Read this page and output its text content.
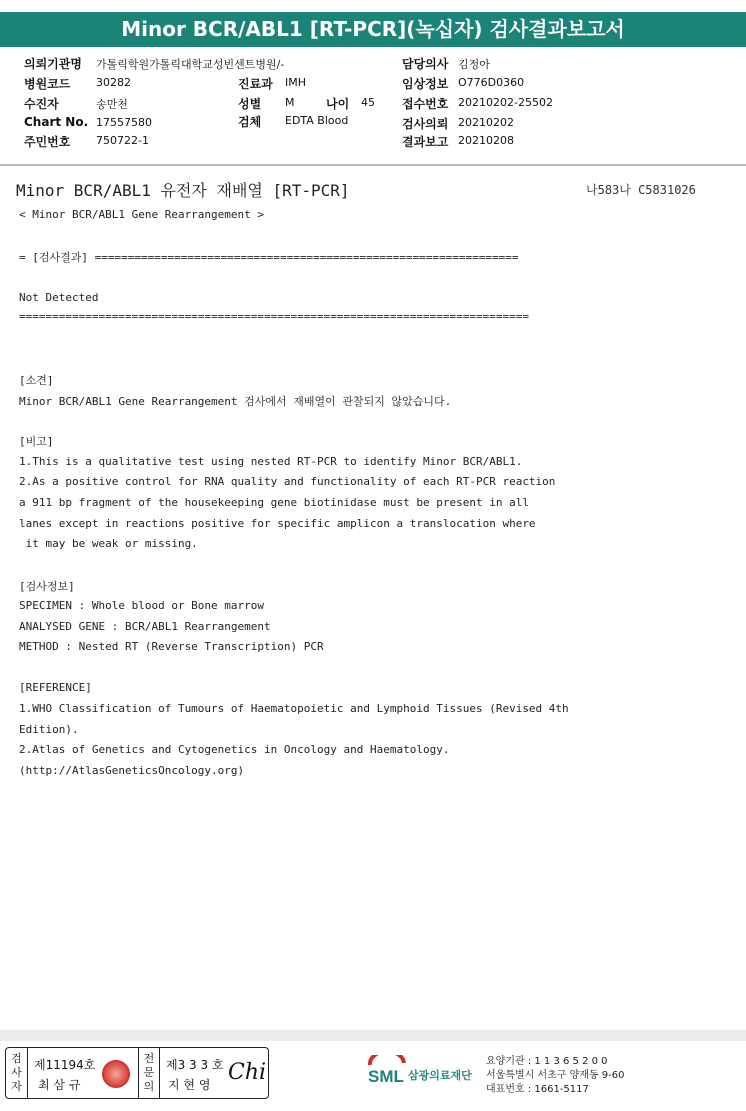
Minor BCR/ABL1 [RT-PCR](녹십자) 검사결과보고서
의뢰기관명 가톨릭학원가톨릭대학교성빈센트병원/-
병원코드 30282
수진자	송만천
Chart No. 17557580
주민번호 750722-1
진료과 IMH
성별 M	나이 45
검체 EDTA Blood
담당의사 김정아
임상정보 O776D0360
접수번호 20210202-25502
검사의뢰 20210202
결과보고 20210208
Minor BCR/ABL1 유전자 재배열 [RT-PCR]	나583나 C5831026
< Minor BCR/ABL1 Gene Rearrangement >
= [검사결과] ================================================================
Not Detected
=============================================================================
[소견]
Minor BCR/ABL1 Gene Rearrangement 검사에서 재배열이 관찰되지 않았습니다.
[비고]
1.This is a qualitative test using nested RT-PCR to identify Minor BCR/ABL1.
2.As a positive control for RNA quality and functionality of each RT-PCR reaction
a 911 bp fragment of the housekeeping gene biotinidase must be present in all
lanes except in reactions positive for specific amplicon a translocation where
it may be weak or missing.
[검사정보]
SPECIMEN : Whole blood or Bone marrow
ANALYSED GENE : BCR/ABL1 Rearrangement
METHOD : Nested RT (Reverse Transcription) PCR
[REFERENCE]
1.WHO Classification of Tumours of Haematopoietic and Lymphoid Tissues (Revised 4th
Edition).
2.Atlas of Genetics and Cytogenetics in Oncology and Haematology.
(http://AtlasGeneticsOncology.org)
검사자
제11194호
최 삼 규
전문의
제3 3 3 호
지 현 영 Chi	SML 삼광의료재단
요양기관 : 1 1 3 6 5 2 0 0
서울특별시 서초구 양재동 9-60
대표번호 : 1661-5117
